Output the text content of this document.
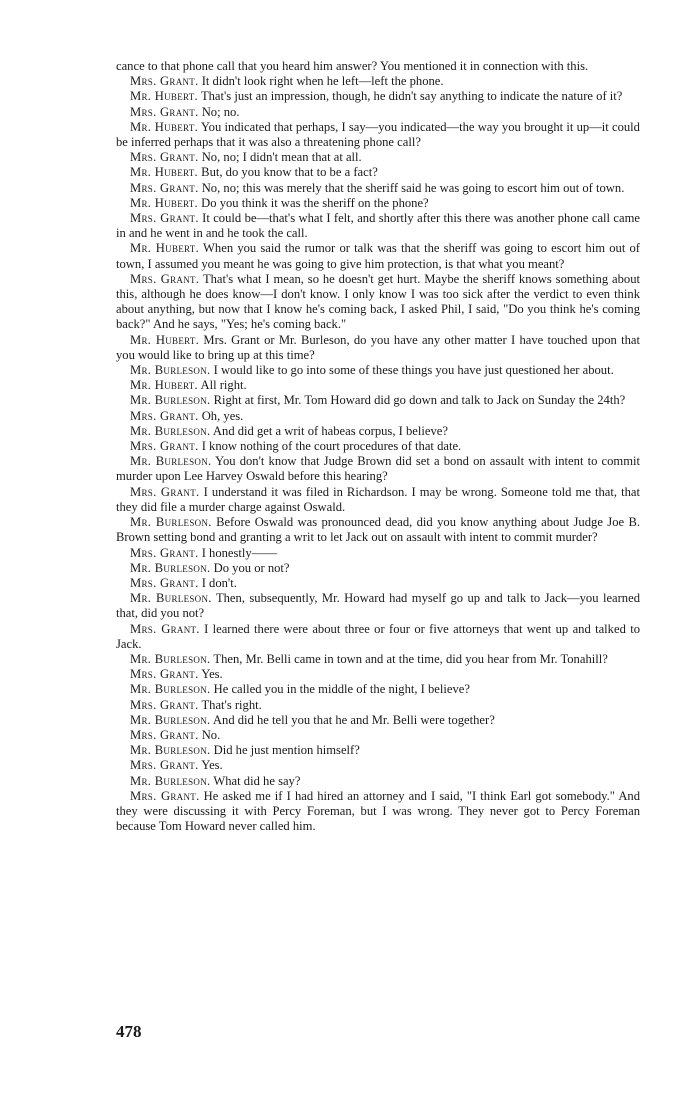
cance to that phone call that you heard him answer? You mentioned it in connection with this.

Mrs. Grant. It didn't look right when he left—left the phone.

Mr. Hubert. That's just an impression, though, he didn't say anything to indicate the nature of it?

Mrs. Grant. No; no.

Mr. Hubert. You indicated that perhaps, I say—you indicated—the way you brought it up—it could be inferred perhaps that it was also a threatening phone call?

Mrs. Grant. No, no; I didn't mean that at all.

Mr. Hubert. But, do you know that to be a fact?

Mrs. Grant. No, no; this was merely that the sheriff said he was going to escort him out of town.

Mr. Hubert. Do you think it was the sheriff on the phone?

Mrs. Grant. It could be—that's what I felt, and shortly after this there was another phone call came in and he went in and he took the call.

Mr. Hubert. When you said the rumor or talk was that the sheriff was going to escort him out of town, I assumed you meant he was going to give him protection, is that what you meant?

Mrs. Grant. That's what I mean, so he doesn't get hurt. Maybe the sheriff knows something about this, although he does know—I don't know. I only know I was too sick after the verdict to even think about anything, but now that I know he's coming back, I asked Phil, I said, "Do you think he's coming back?" And he says, "Yes; he's coming back."

Mr. Hubert. Mrs. Grant or Mr. Burleson, do you have any other matter I have touched upon that you would like to bring up at this time?

Mr. Burleson. I would like to go into some of these things you have just questioned her about.

Mr. Hubert. All right.

Mr. Burleson. Right at first, Mr. Tom Howard did go down and talk to Jack on Sunday the 24th?

Mrs. Grant. Oh, yes.

Mr. Burleson. And did get a writ of habeas corpus, I believe?

Mrs. Grant. I know nothing of the court procedures of that date.

Mr. Burleson. You don't know that Judge Brown did set a bond on assault with intent to commit murder upon Lee Harvey Oswald before this hearing?

Mrs. Grant. I understand it was filed in Richardson. I may be wrong. Someone told me that, that they did file a murder charge against Oswald.

Mr. Burleson. Before Oswald was pronounced dead, did you know anything about Judge Joe B. Brown setting bond and granting a writ to let Jack out on assault with intent to commit murder?

Mrs. Grant. I honestly——

Mr. Burleson. Do you or not?

Mrs. Grant. I don't.

Mr. Burleson. Then, subsequently, Mr. Howard had myself go up and talk to Jack—you learned that, did you not?

Mrs. Grant. I learned there were about three or four or five attorneys that went up and talked to Jack.

Mr. Burleson. Then, Mr. Belli came in town and at the time, did you hear from Mr. Tonahill?

Mrs. Grant. Yes.

Mr. Burleson. He called you in the middle of the night, I believe?

Mrs. Grant. That's right.

Mr. Burleson. And did he tell you that he and Mr. Belli were together?

Mrs. Grant. No.

Mr. Burleson. Did he just mention himself?

Mrs. Grant. Yes.

Mr. Burleson. What did he say?

Mrs. Grant. He asked me if I had hired an attorney and I said, "I think Earl got somebody." And they were discussing it with Percy Foreman, but I was wrong. They never got to Percy Foreman because Tom Howard never called him.

478
